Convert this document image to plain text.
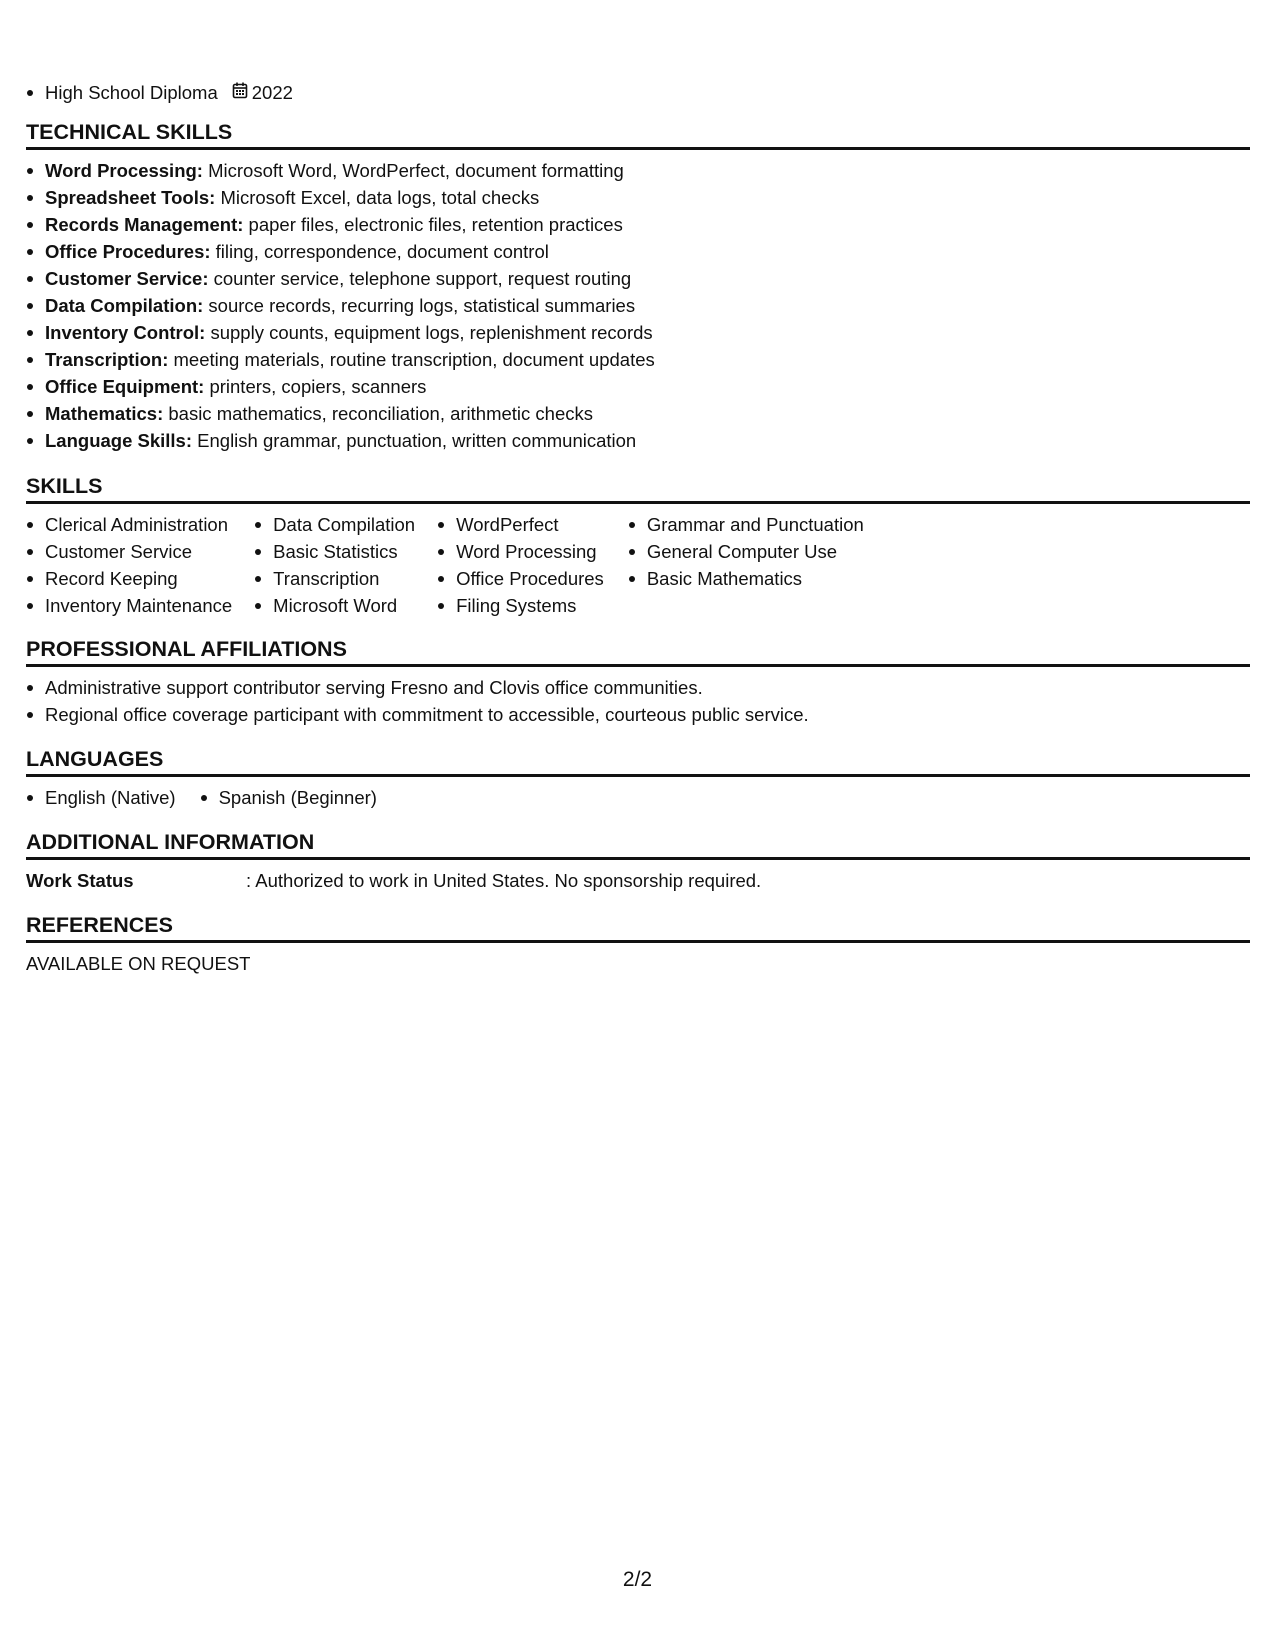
High School Diploma 2022
TECHNICAL SKILLS
Word Processing: Microsoft Word, WordPerfect, document formatting
Spreadsheet Tools: Microsoft Excel, data logs, total checks
Records Management: paper files, electronic files, retention practices
Office Procedures: filing, correspondence, document control
Customer Service: counter service, telephone support, request routing
Data Compilation: source records, recurring logs, statistical summaries
Inventory Control: supply counts, equipment logs, replenishment records
Transcription: meeting materials, routine transcription, document updates
Office Equipment: printers, copiers, scanners
Mathematics: basic mathematics, reconciliation, arithmetic checks
Language Skills: English grammar, punctuation, written communication
SKILLS
Clerical Administration
Customer Service
Record Keeping
Inventory Maintenance
Data Compilation
Basic Statistics
Transcription
Microsoft Word
WordPerfect
Word Processing
Office Procedures
Filing Systems
Grammar and Punctuation
General Computer Use
Basic Mathematics
PROFESSIONAL AFFILIATIONS
Administrative support contributor serving Fresno and Clovis office communities.
Regional office coverage participant with commitment to accessible, courteous public service.
LANGUAGES
English (Native)	Spanish (Beginner)
ADDITIONAL INFORMATION
Work Status	: Authorized to work in United States. No sponsorship required.
REFERENCES
AVAILABLE ON REQUEST
2/2
